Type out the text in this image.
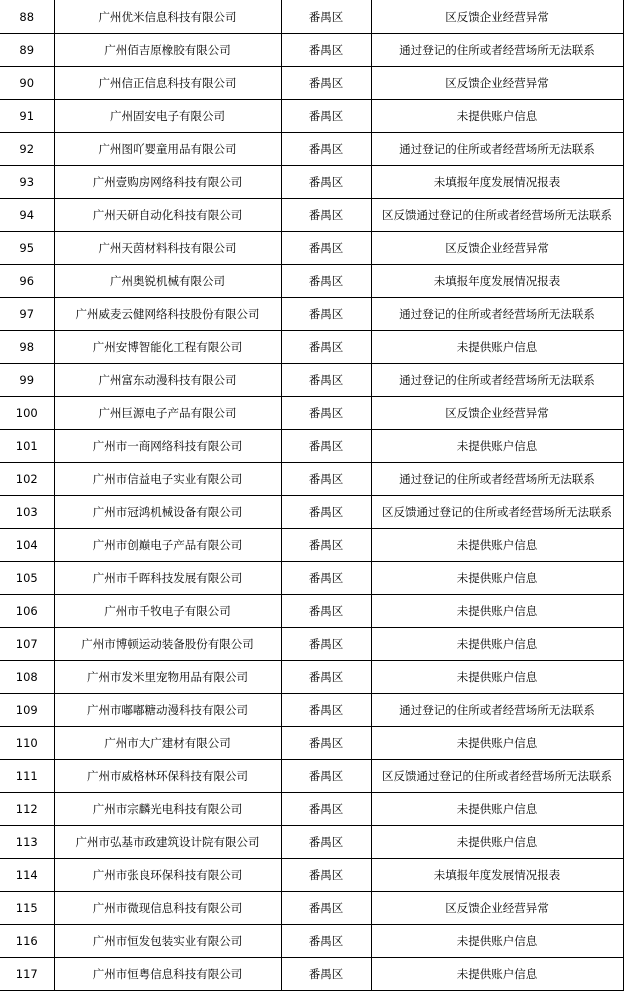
88	广州优米信息科技有限公司	番禺区	区反馈企业经营异常
89	广州佰吉原橡胶有限公司	番禺区	通过登记的住所或者经营场所无法联系
90	广州信正信息科技有限公司	番禺区	区反馈企业经营异常
91	广州固安电子有限公司	番禺区	未提供账户信息
92	广州图吖婴童用品有限公司	番禺区	通过登记的住所或者经营场所无法联系
93	广州壹购房网络科技有限公司	番禺区	未填报年度发展情况报表
94	广州天研自动化科技有限公司	番禺区	区反馈通过登记的住所或者经营场所无法联系
95	广州天茵材料科技有限公司	番禺区	区反馈企业经营异常
96	广州奥锐机械有限公司	番禺区	未填报年度发展情况报表
97	广州威麦云健网络科技股份有限公司	番禺区	通过登记的住所或者经营场所无法联系
98	广州安博智能化工程有限公司	番禺区	未提供账户信息
99	广州富东动漫科技有限公司	番禺区	通过登记的住所或者经营场所无法联系
100	广州巨源电子产品有限公司	番禺区	区反馈企业经营异常
101	广州市一商网络科技有限公司	番禺区	未提供账户信息
102	广州市信益电子实业有限公司	番禺区	通过登记的住所或者经营场所无法联系
103	广州市冠鸿机械设备有限公司	番禺区	区反馈通过登记的住所或者经营场所无法联系
104	广州市创巅电子产品有限公司	番禺区	未提供账户信息
105	广州市千晖科技发展有限公司	番禺区	未提供账户信息
106	广州市千牧电子有限公司	番禺区	未提供账户信息
107	广州市博顿运动装备股份有限公司	番禺区	未提供账户信息
108	广州市发米里宠物用品有限公司	番禺区	未提供账户信息
109	广州市嘟嘟糖动漫科技有限公司	番禺区	通过登记的住所或者经营场所无法联系
110	广州市大广建材有限公司	番禺区	未提供账户信息
111	广州市威格林环保科技有限公司	番禺区	区反馈通过登记的住所或者经营场所无法联系
112	广州市宗麟光电科技有限公司	番禺区	未提供账户信息
113	广州市弘基市政建筑设计院有限公司	番禺区	未提供账户信息
114	广州市张良环保科技有限公司	番禺区	未填报年度发展情况报表
115	广州市微现信息科技有限公司	番禺区	区反馈企业经营异常
116	广州市恒发包装实业有限公司	番禺区	未提供账户信息
117	广州市恒粤信息科技有限公司	番禺区	未提供账户信息
